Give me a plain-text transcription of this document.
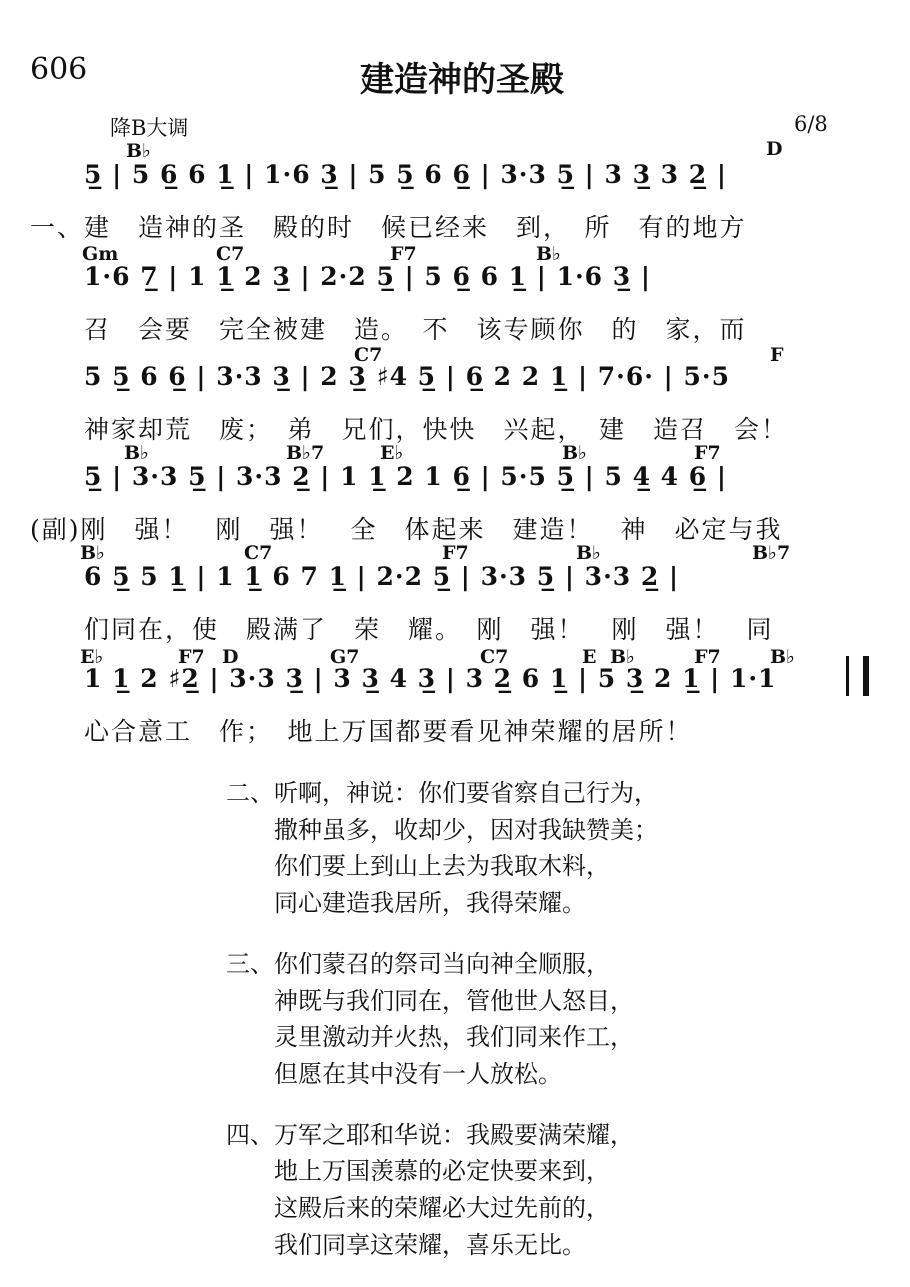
606	建造神的圣殿
降B大调	6/8
B♭	D
Gm	C7	F7	B♭
C7	F
B♭	B♭7	E♭	B♭	F7
B♭	C7	F7	B♭	B♭7
E♭	F7 D	G7	C7	E B♭	F7	B♭
5̲ | 5 6̲ 6 1̲ | 1·6 3̲ | 5 5̲ 6 6̲ | 3·3 5̲ | 3 3̲ 3 2̲ |
一、建　造神的圣　殿的时　候已经来　到，　所　有的地方
1·6 7̲ | 1 1̲ 2 3̲ | 2·2 5̲ | 5 6̲ 6 1̲ | 1·6 3̲ |
　　召　会要　完全被建　造。　不　该专顾你　的　家，而
5 5̲ 6 6̲ | 3·3 3̲ | 2 3̲ ♯4 5̲ | 6̲ 2 2 1̲ | 7·6· | 5·5
　　神家却荒　废；　弟　兄们，快快　兴起，　建　造召　会！
5̲ | 3·3 5̲ | 3·3 2̲ | 1 1̲ 2 1 6̲ | 5·5 5̲ | 5 4̲ 4 6̲ |
(副)刚　强！　刚　强！　全　体起来　建造！　神　必定与我
6 5̲ 5 1̲ | 1 1̲ 6 7 1̲ | 2·2 5̲ | 3·3 5̲ | 3·3 2̲ |
　　们同在，使　殿满了　荣　耀。　刚　强！　刚　强！　同
1 1̲ 2 ♯2̲ | 3·3 3̲ | 3 3̲ 4 3̲ | 3 2̲ 6 1̲ | 5 3̲ 2 1̲ | 1·1
　　心合意工　作；　地上万国都要看见神荣耀的居所！
二、听啊，神说：你们要省察自己行为，
撒种虽多，收却少，因对我缺赞美；
你们要上到山上去为我取木料，
同心建造我居所，我得荣耀。
三、你们蒙召的祭司当向神全顺服，
神既与我们同在，管他世人怒目，
灵里激动并火热，我们同来作工，
但愿在其中没有一人放松。
四、万军之耶和华说：我殿要满荣耀，
地上万国羡慕的必定快要来到，
这殿后来的荣耀必大过先前的，
我们同享这荣耀，喜乐无比。
